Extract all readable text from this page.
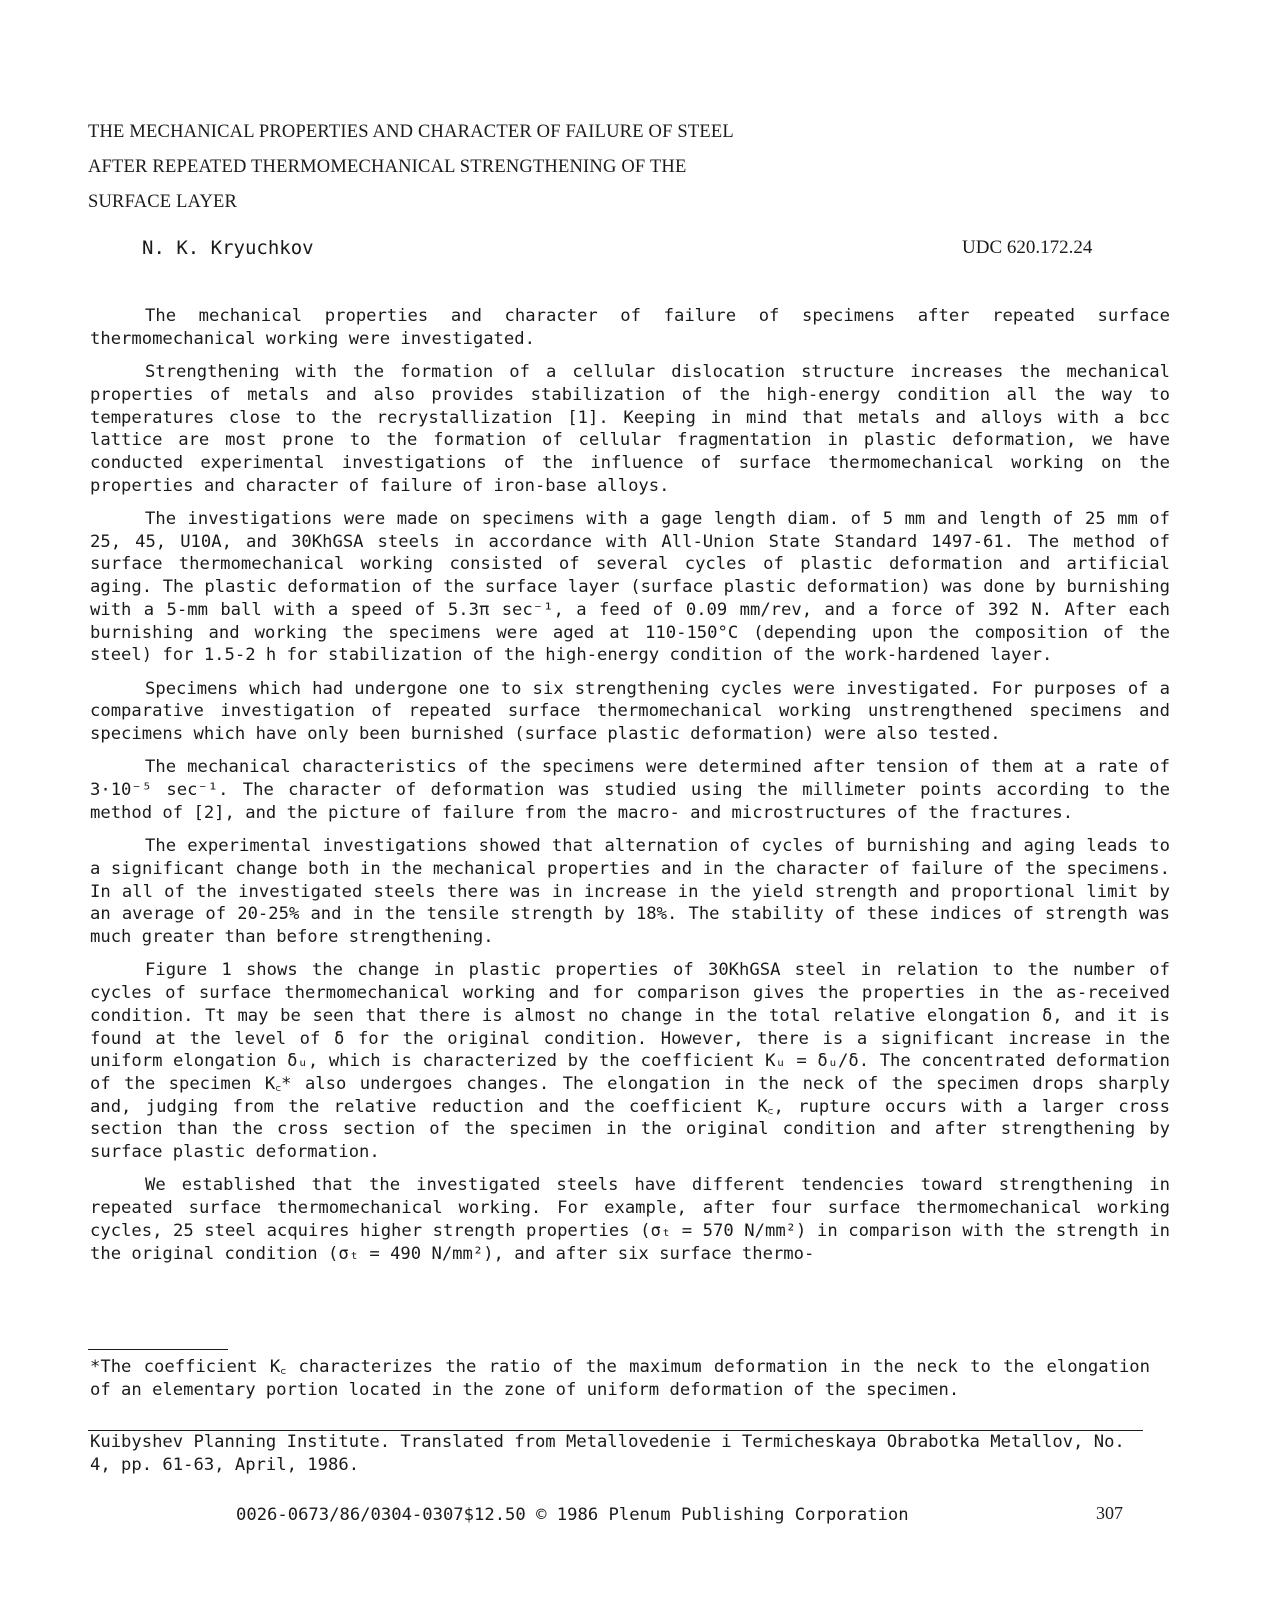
THE MECHANICAL PROPERTIES AND CHARACTER OF FAILURE OF STEEL
AFTER REPEATED THERMOMECHANICAL STRENGTHENING OF THE
SURFACE LAYER
N. K. Kryuchkov	UDC 620.172.24

The mechanical properties and character of failure of specimens after repeated surface thermomechanical working were investigated.

Strengthening with the formation of a cellular dislocation structure increases the mechanical properties of metals and also provides stabilization of the high-energy condition all the way to temperatures close to the recrystallization [1]. Keeping in mind that metals and alloys with a bcc lattice are most prone to the formation of cellular fragmentation in plastic deformation, we have conducted experimental investigations of the influence of surface thermomechanical working on the properties and character of failure of iron-base alloys.

The investigations were made on specimens with a gage length diam. of 5 mm and length of 25 mm of 25, 45, U10A, and 30KhGSA steels in accordance with All-Union State Standard 1497-61. The method of surface thermomechanical working consisted of several cycles of plastic deformation and artificial aging. The plastic deformation of the surface layer (surface plastic deformation) was done by burnishing with a 5-mm ball with a speed of 5.3π sec⁻¹, a feed of 0.09 mm/rev, and a force of 392 N. After each burnishing and working the specimens were aged at 110-150°C (depending upon the composition of the steel) for 1.5-2 h for stabilization of the high-energy condition of the work-hardened layer.

Specimens which had undergone one to six strengthening cycles were investigated. For purposes of a comparative investigation of repeated surface thermomechanical working unstrengthened specimens and specimens which have only been burnished (surface plastic deformation) were also tested.

The mechanical characteristics of the specimens were determined after tension of them at a rate of 3·10⁻⁵ sec⁻¹. The character of deformation was studied using the millimeter points according to the method of [2], and the picture of failure from the macro- and microstructures of the fractures.

The experimental investigations showed that alternation of cycles of burnishing and aging leads to a significant change both in the mechanical properties and in the character of failure of the specimens. In all of the investigated steels there was in increase in the yield strength and proportional limit by an average of 20-25% and in the tensile strength by 18%. The stability of these indices of strength was much greater than before strengthening.

Figure 1 shows the change in plastic properties of 30KhGSA steel in relation to the number of cycles of surface thermomechanical working and for comparison gives the properties in the as-received condition. Tt may be seen that there is almost no change in the total relative elongation δ, and it is found at the level of δ for the original condition. However, there is a significant increase in the uniform elongation δᵤ, which is characterized by the coefficient Kᵤ = δᵤ/δ. The concentrated deformation of the specimen K꜀* also undergoes changes. The elongation in the neck of the specimen drops sharply and, judging from the relative reduction and the coefficient K꜀, rupture occurs with a larger cross section than the cross section of the specimen in the original condition and after strengthening by surface plastic deformation.

We established that the investigated steels have different tendencies toward strengthening in repeated surface thermomechanical working. For example, after four surface thermomechanical working cycles, 25 steel acquires higher strength properties (σₜ = 570 N/mm²) in comparison with the strength in the original condition (σₜ = 490 N/mm²), and after six surface thermo-

*The coefficient K꜀ characterizes the ratio of the maximum deformation in the neck to the elongation of an elementary portion located in the zone of uniform deformation of the specimen.
Kuibyshev Planning Institute. Translated from Metallovedenie i Termicheskaya Obrabotka Metallov, No. 4, pp. 61-63, April, 1986.
0026-0673/86/0304-0307$12.50 © 1986 Plenum Publishing Corporation	307
